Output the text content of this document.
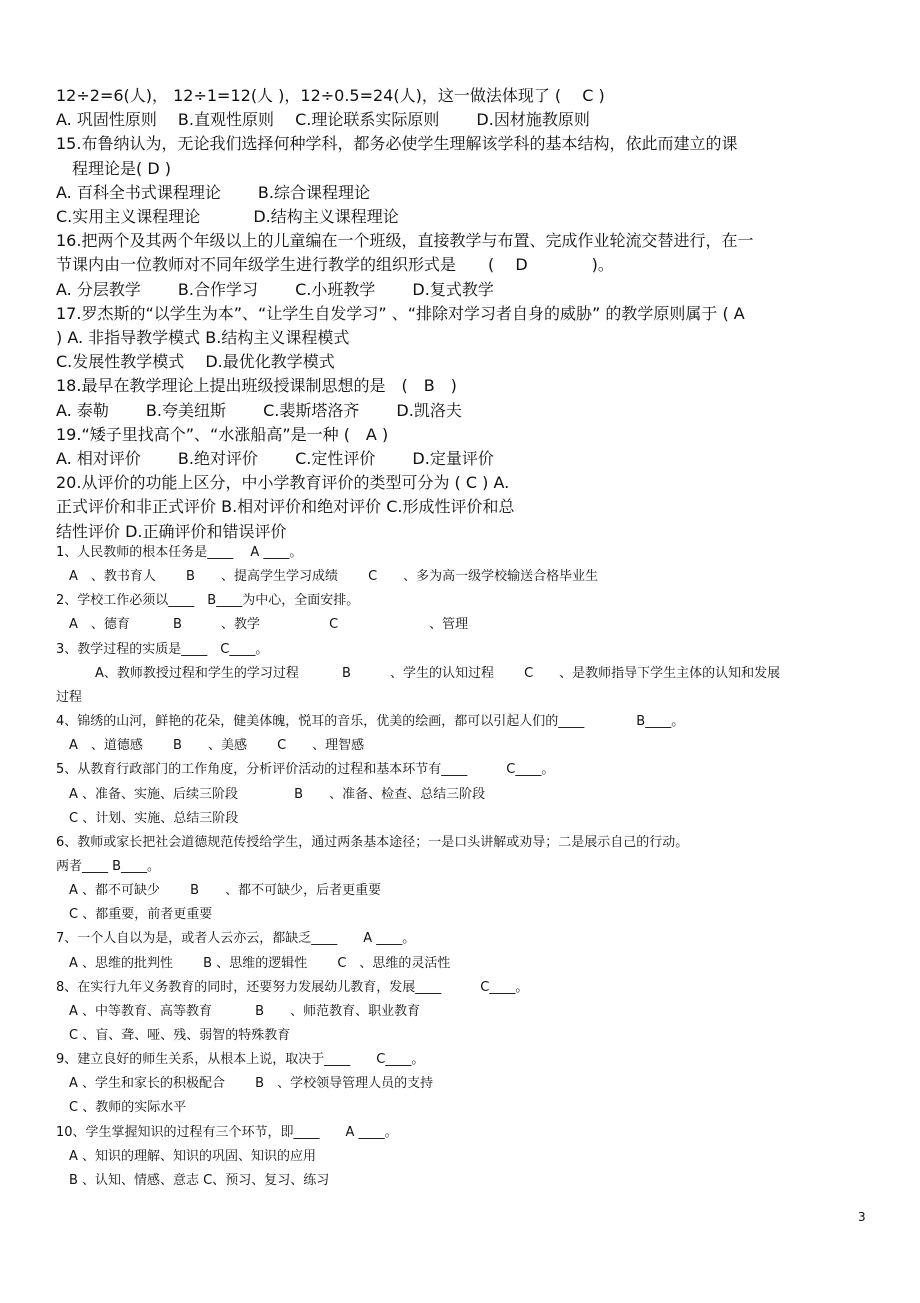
12÷2=6(人)， 12÷1=12(人 )，12÷0.5=24(人)，这一做法体现了 (　 C )
A. 巩固性原则　 B.直观性原则　 C.理论联系实际原则　　 D.因材施教原则
15.布鲁纳认为，无论我们选择何种学科，都务必使学生理解该学科的基本结构，依此而建立的课
　程理论是( D )
A. 百科全书式课程理论　　 B.综合课程理论
C.实用主义课程理论　　　 D.结构主义课程理论
16.把两个及其两个年级以上的儿童编在一个班级，直接教学与布置、完成作业轮流交替进行，在一
节课内由一位教师对不同年级学生进行教学的组织形式是　　(　 D　　　　)。
A. 分层教学　　 B.合作学习　　 C.小班教学　　 D.复式教学
17.罗杰斯的“以学生为本”、“让学生自发学习” 、“排除对学习者自身的威胁” 的教学原则属于 ( A
) A. 非指导教学模式 B.结构主义课程模式
C.发展性教学模式　 D.最优化教学模式
18.最早在教学理论上提出班级授课制思想的是　(　B　)
A. 泰勒　　 B.夸美纽斯　　 C.裴斯塔洛齐　　 D.凯洛夫
19.“矮子里找高个”、“水涨船高”是一种 (　A )
A. 相对评价　　 B.绝对评价　　 C.定性评价　　 D.定量评价
20.从评价的功能上区分，中小学教育评价的类型可分为 ( C ) A.
正式评价和非正式评价 B.相对评价和绝对评价 C.形成性评价和总
结性评价 D.正确评价和错误评价
1、人民教师的根本任务是____　 A ____。
　A　、教书育人　　 B　　、提高学生学习成绩　　 C　　、多为高一级学校输送合格毕业生
2、学校工作必须以____　B____为中心，全面安排。
　A　、德育　　　 B　　　、教学　　　　　 C　　　　　　　、管理
3、教学过程的实质是____　C____。
　　　A、教师教授过程和学生的学习过程　　　 B　　　、学生的认知过程　　 C　　、是教师指导下学生主体的认知和发展
过程
4、锦绣的山河，鲜艳的花朵，健美体魄，悦耳的音乐，优美的绘画，都可以引起人们的____　　　　B____。
　A　、道德感　　 B　　、美感　　 C　　、理智感
5、从教育行政部门的工作角度，分析评价活动的过程和基本环节有____　　　C____。
　A 、准备、实施、后续三阶段　　　　 B　　、准备、检查、总结三阶段
　C 、计划、实施、总结三阶段
6、教师或家长把社会道德规范传授给学生，通过两条基本途径；一是口头讲解或劝导；二是展示自己的行动。
两者____ B____。
　A 、都不可缺少　　 B　　、都不可缺少，后者更重要
　C 、都重要，前者更重要
7、一个人自以为是，或者人云亦云，都缺乏____　　A ____。
　A 、思维的批判性　　 B 、思维的逻辑性　　 C　、思维的灵活性
8、在实行九年义务教育的同时，还要努力发展幼儿教育，发展____　　　C____。
　A 、中等教育、高等教育　　　 B　　、师范教育、职业教育
　C 、盲、聋、哑、残、弱智的特殊教育
9、建立良好的师生关系，从根本上说，取决于____　　C____。
　A 、学生和家长的积极配合　　 B　、学校领导管理人员的支持
　C 、教师的实际水平
10、学生掌握知识的过程有三个环节，即____　　A ____。
　A 、知识的理解、知识的巩固、知识的应用
　B 、认知、情感、意志 C、预习、复习、练习
3
